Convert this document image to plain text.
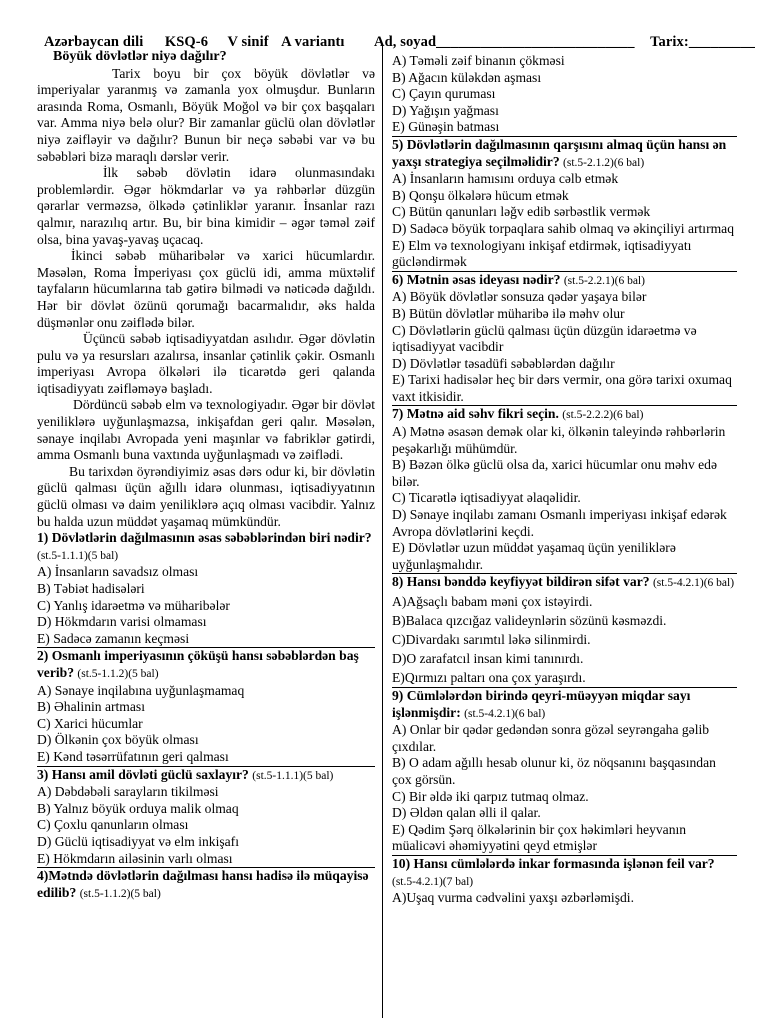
Azərbaycan dili KSQ-6 V sinif A variantı Ad, soyad___________________________ Tarix:_________

Böyük dövlətlər niyə dağılır?

Tarix boyu bir çox böyük dövlətlər və imperiyalar yaranmış və zamanla yox olmuşdur. Bunların arasında Roma, Osmanlı, Böyük Moğol və bir çox başqaları var. Amma niyə belə olur? Bir zamanlar güclü olan dövlətlər niyə zəifləyir və dağılır? Bunun bir neçə səbəbi var və bu səbəbləri bizə maraqlı dərslər verir.

İlk səbəb dövlətin idarə olunmasındakı problemlərdir. Əgər hökmdarlar və ya rəhbərlər düzgün qərarlar verməzsə, ölkədə çətinliklər yaranır. İnsanlar razı qalmır, narazılıq artır. Bu, bir bina kimidir – əgər təməl zəif olsa, bina yavaş-yavaş uçacaq.

İkinci səbəb müharibələr və xarici hücumlardır. Məsələn, Roma İmperiyası çox güclü idi, amma müxtəlif tayfaların hücumlarına tab gətirə bilmədi və nəticədə dağıldı. Hər bir dövlət özünü qorumağı bacarmalıdır, əks halda düşmənlər onu zəiflədə bilər.

Üçüncü səbəb iqtisadiyyatdan asılıdır. Əgər dövlətin pulu və ya resursları azalırsa, insanlar çətinlik çəkir. Osmanlı imperiyası Avropa ölkələri ilə ticarətdə geri qalanda iqtisadiyyatı zəifləməyə başladı.

Dördüncü səbəb elm və texnologiyadır. Əgər bir dövlət yeniliklərə uyğunlaşmazsa, inkişafdan geri qalır. Məsələn, sənaye inqilabı Avropada yeni maşınlar və fabriklər gətirdi, amma Osmanlı buna vaxtında uyğunlaşmadı və zəiflədi.

Bu tarixdən öyrəndiyimiz əsas dərs odur ki, bir dövlətin güclü qalması üçün ağıllı idarə olunması, iqtisadiyyatının güclü olması və daim yeniliklərə açıq olması vacibdir. Yalnız bu halda uzun müddət yaşamaq mümkündür.

1) Dövlətlərin dağılmasının əsas səbəblərindən biri nədir? (st.5-1.1.1)(5 bal)

A) İnsanların savadsız olması

B) Təbiət hadisələri

C) Yanlış idarəetmə və müharibələr

D) Hökmdarın varisi olmaması

E) Sadəcə zamanın keçməsi

2) Osmanlı imperiyasının çöküşü hansı səbəblərdən baş verib? (st.5-1.1.2)(5 bal)

A) Sənaye inqilabına uyğunlaşmamaq

B) Əhalinin artması

C) Xarici hücumlar

D) Ölkənin çox böyük olması

E) Kənd təsərrüfatının geri qalması

3) Hansı amil dövləti güclü saxlayır? (st.5-1.1.1)(5 bal)

A) Dəbdəbəli sarayların tikilməsi

B) Yalnız böyük orduya malik olmaq

C) Çoxlu qanunların olması

D) Güclü iqtisadiyyat və elm inkişafı

E) Hökmdarın ailəsinin varlı olması

4)Mətndə dövlətlərin dağılması hansı hadisə ilə müqayisə edilib? (st.5-1.1.2)(5 bal)

A) Təməli zəif binanın çökməsi

B) Ağacın küləkdən aşması

C) Çayın quruması

D) Yağışın yağması

E) Günəşin batması

5) Dövlətlərin dağılmasının qarşısını almaq üçün hansı ən yaxşı strategiya seçilməlidir? (st.5-2.1.2)(6 bal)

A) İnsanların hamısını orduya cəlb etmək

B) Qonşu ölkələrə hücum etmək

C) Bütün qanunları ləğv edib sərbəstlik vermək

D) Sadəcə böyük torpaqlara sahib olmaq və əkinçiliyi artırmaq

E) Elm və texnologiyanı inkişaf etdirmək, iqtisadiyyatı gücləndirmək

6) Mətnin əsas ideyası nədir? (st.5-2.2.1)(6 bal)

A) Böyük dövlətlər sonsuza qədər yaşaya bilər

B) Bütün dövlətlər müharibə ilə məhv olur

C) Dövlətlərin güclü qalması üçün düzgün idarəetmə və iqtisadiyyat vacibdir

D) Dövlətlər təsadüfi səbəblərdən dağılır

E) Tarixi hadisələr heç bir dərs vermir, ona görə tarixi oxumaq vaxt itkisidir.

7) Mətnə aid səhv fikri seçin. (st.5-2.2.2)(6 bal)

A) Mətnə əsasən demək olar ki, ölkənin taleyində rəhbərlərin peşəkarlığı mühümdür.

B) Bəzən ölkə güclü olsa da, xarici hücumlar onu məhv edə bilər.

C) Ticarətlə iqtisadiyyat əlaqəlidir.

D) Sənaye inqilabı zamanı Osmanlı imperiyası inkişaf edərək Avropa dövlətlərini keçdi.

E) Dövlətlər uzun müddət yaşamaq üçün yeniliklərə uyğunlaşmalıdır.

8) Hansı bənddə keyfiyyət bildirən sifət var? (st.5-4.2.1)(6 bal)

A)Ağsaçlı babam məni çox istəyirdi.

B)Balaca qızcığaz valideynlərin sözünü kəsməzdi.

C)Divardakı sarımtıl ləkə silinmirdi.

D)O zarafatcıl insan kimi tanınırdı.

E)Qırmızı paltarı ona çox yaraşırdı.

9) Cümlələrdən birində qeyri-müəyyən miqdar sayı işlənmişdir: (st.5-4.2.1)(6 bal)

A) Onlar bir qədər gedəndən sonra gözəl seyrəngaha gəlib çıxdılar.

B) O adam ağıllı hesab olunur ki, öz nöqsanını başqasından çox görsün.

C) Bir əldə iki qarpız tutmaq olmaz.

D) Əldən qalan əlli il qalar.

E) Qədim Şərq ölkələrinin bir çox həkimləri heyvanın müalicəvi əhəmiyyətini qeyd etmişlər

10) Hansı cümlələrdə inkar formasında işlənən feil var? (st.5-4.2.1)(7 bal)

A)Uşaq vurma cədvəlini yaxşı əzbərləmişdi.
